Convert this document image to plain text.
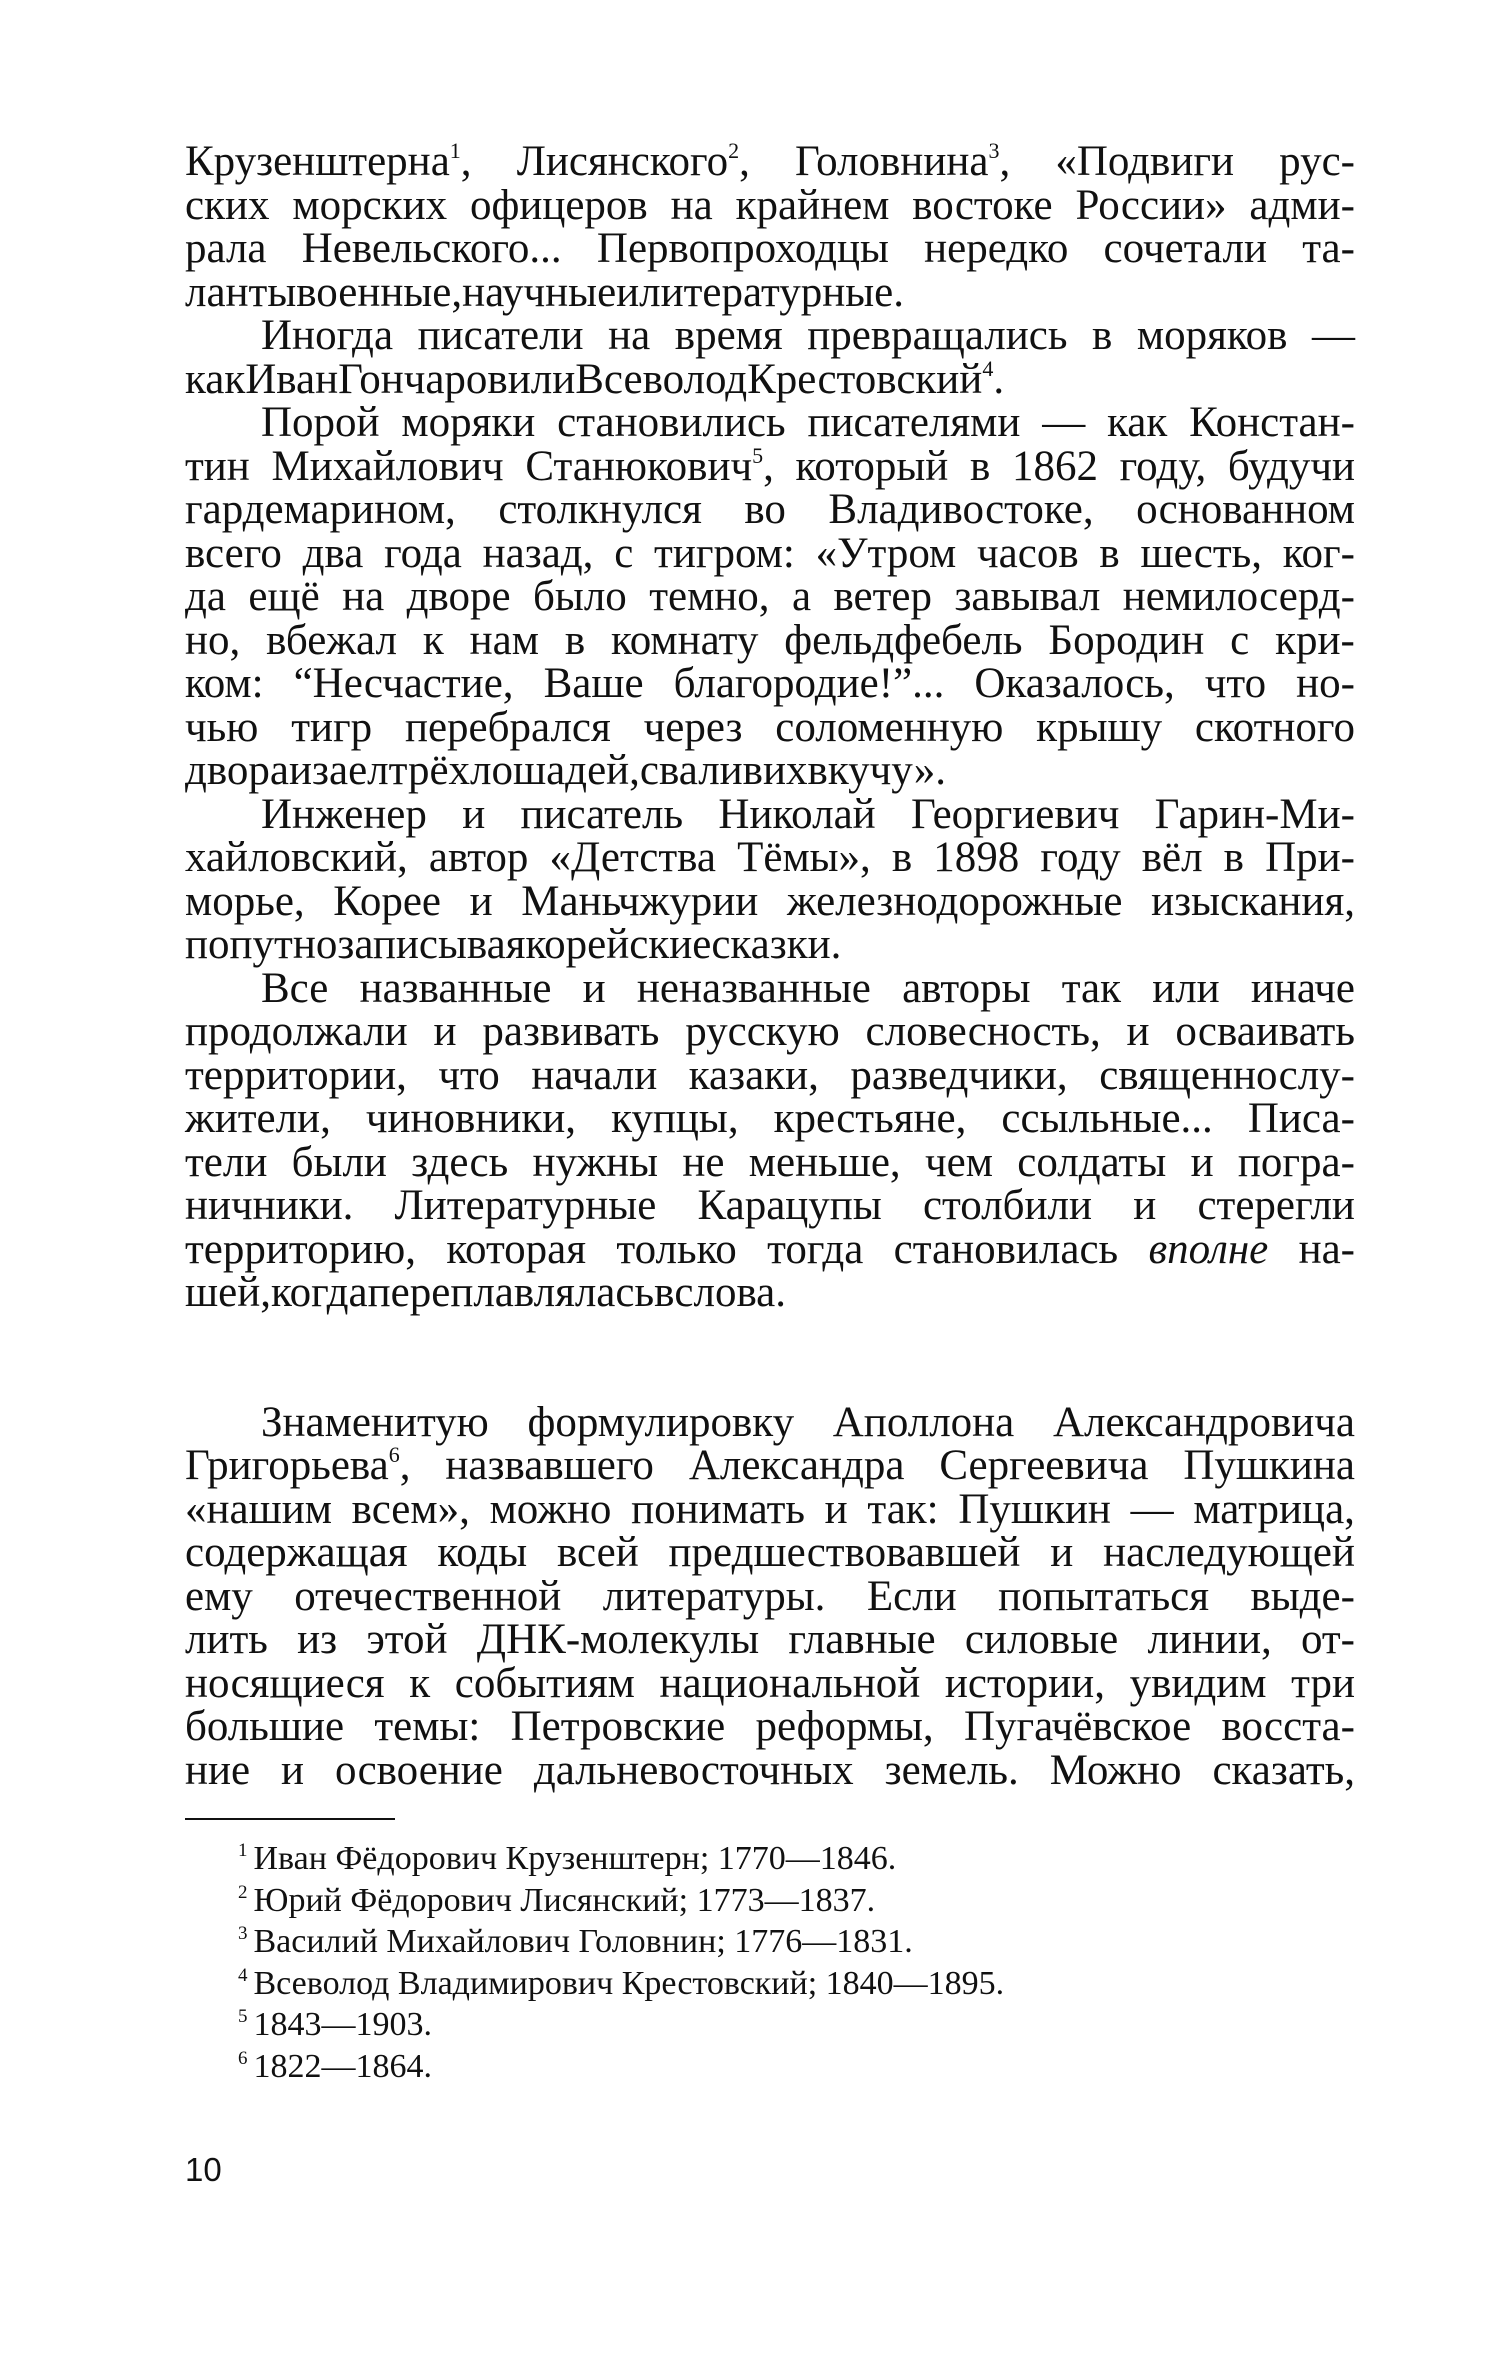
Крузенштерна$^1$, Лисянского$^2$, Головнина$^3$, «Подвиги рус-
ских морских офицеров на крайнем востоке России» адми-
рала Невельского... Первопроходцы нередко сочетали та-
ланты военные, научные и литературные.
Иногда писатели на время превращались в моряков —
как Иван Гончаров или Всеволод Крестовский$^4$.
Порой моряки становились писателями — как Констан-
тин Михайлович Станюкович$^5$, который в 1862 году, будучи
гардемарином, столкнулся во Владивостоке, основанном
всего два года назад, с тигром: «Утром часов в шесть, ког-
да ещё на дворе было темно, а ветер завывал немилосерд-
но, вбежал к нам в комнату фельдфебель Бородин с кри-
ком: “Несчастие, Ваше благородие!”... Оказалось, что но-
чью тигр перебрался через соломенную крышу скотного
двора и заел трёх лошадей, свалив их в кучу».
Инженер и писатель Николай Георгиевич Гарин-Ми-
хайловский, автор «Детства Тёмы», в 1898 году вёл в При-
морье, Корее и Маньчжурии железнодорожные изыскания,
попутно записывая корейские сказки.
Все названные и неназванные авторы так или иначе
продолжали и развивать русскую словесность, и осваивать
территории, что начали казаки, разведчики, священнослу-
жители, чиновники, купцы, крестьяне, ссыльные... Писа-
тели были здесь нужны не меньше, чем солдаты и погра-
ничники. Литературные Карацупы столбили и стерегли
территорию, которая только тогда становилась вполне на-
шей, когда переплавлялась в слова.
Знаменитую формулировку Аполлона Александровича
Григорьева$^6$, назвавшего Александра Сергеевича Пушкина
«нашим всем», можно понимать и так: Пушкин — матрица,
содержащая коды всей предшествовавшей и наследующей
ему отечественной литературы. Если попытаться выде-
лить из этой ДНК-молекулы главные силовые линии, от-
носящиеся к событиям национальной истории, увидим три
большие темы: Петровские реформы, Пугачёвское восста-
ние и освоение дальневосточных земель. Можно сказать,
$^1$ Иван Фёдорович Крузенштерн; 1770—1846.
$^2$ Юрий Фёдорович Лисянский; 1773—1837.
$^3$ Василий Михайлович Головнин; 1776—1831.
$^4$ Всеволод Владимирович Крестовский; 1840—1895.
$^5$ 1843—1903.
$^6$ 1822—1864.
10
